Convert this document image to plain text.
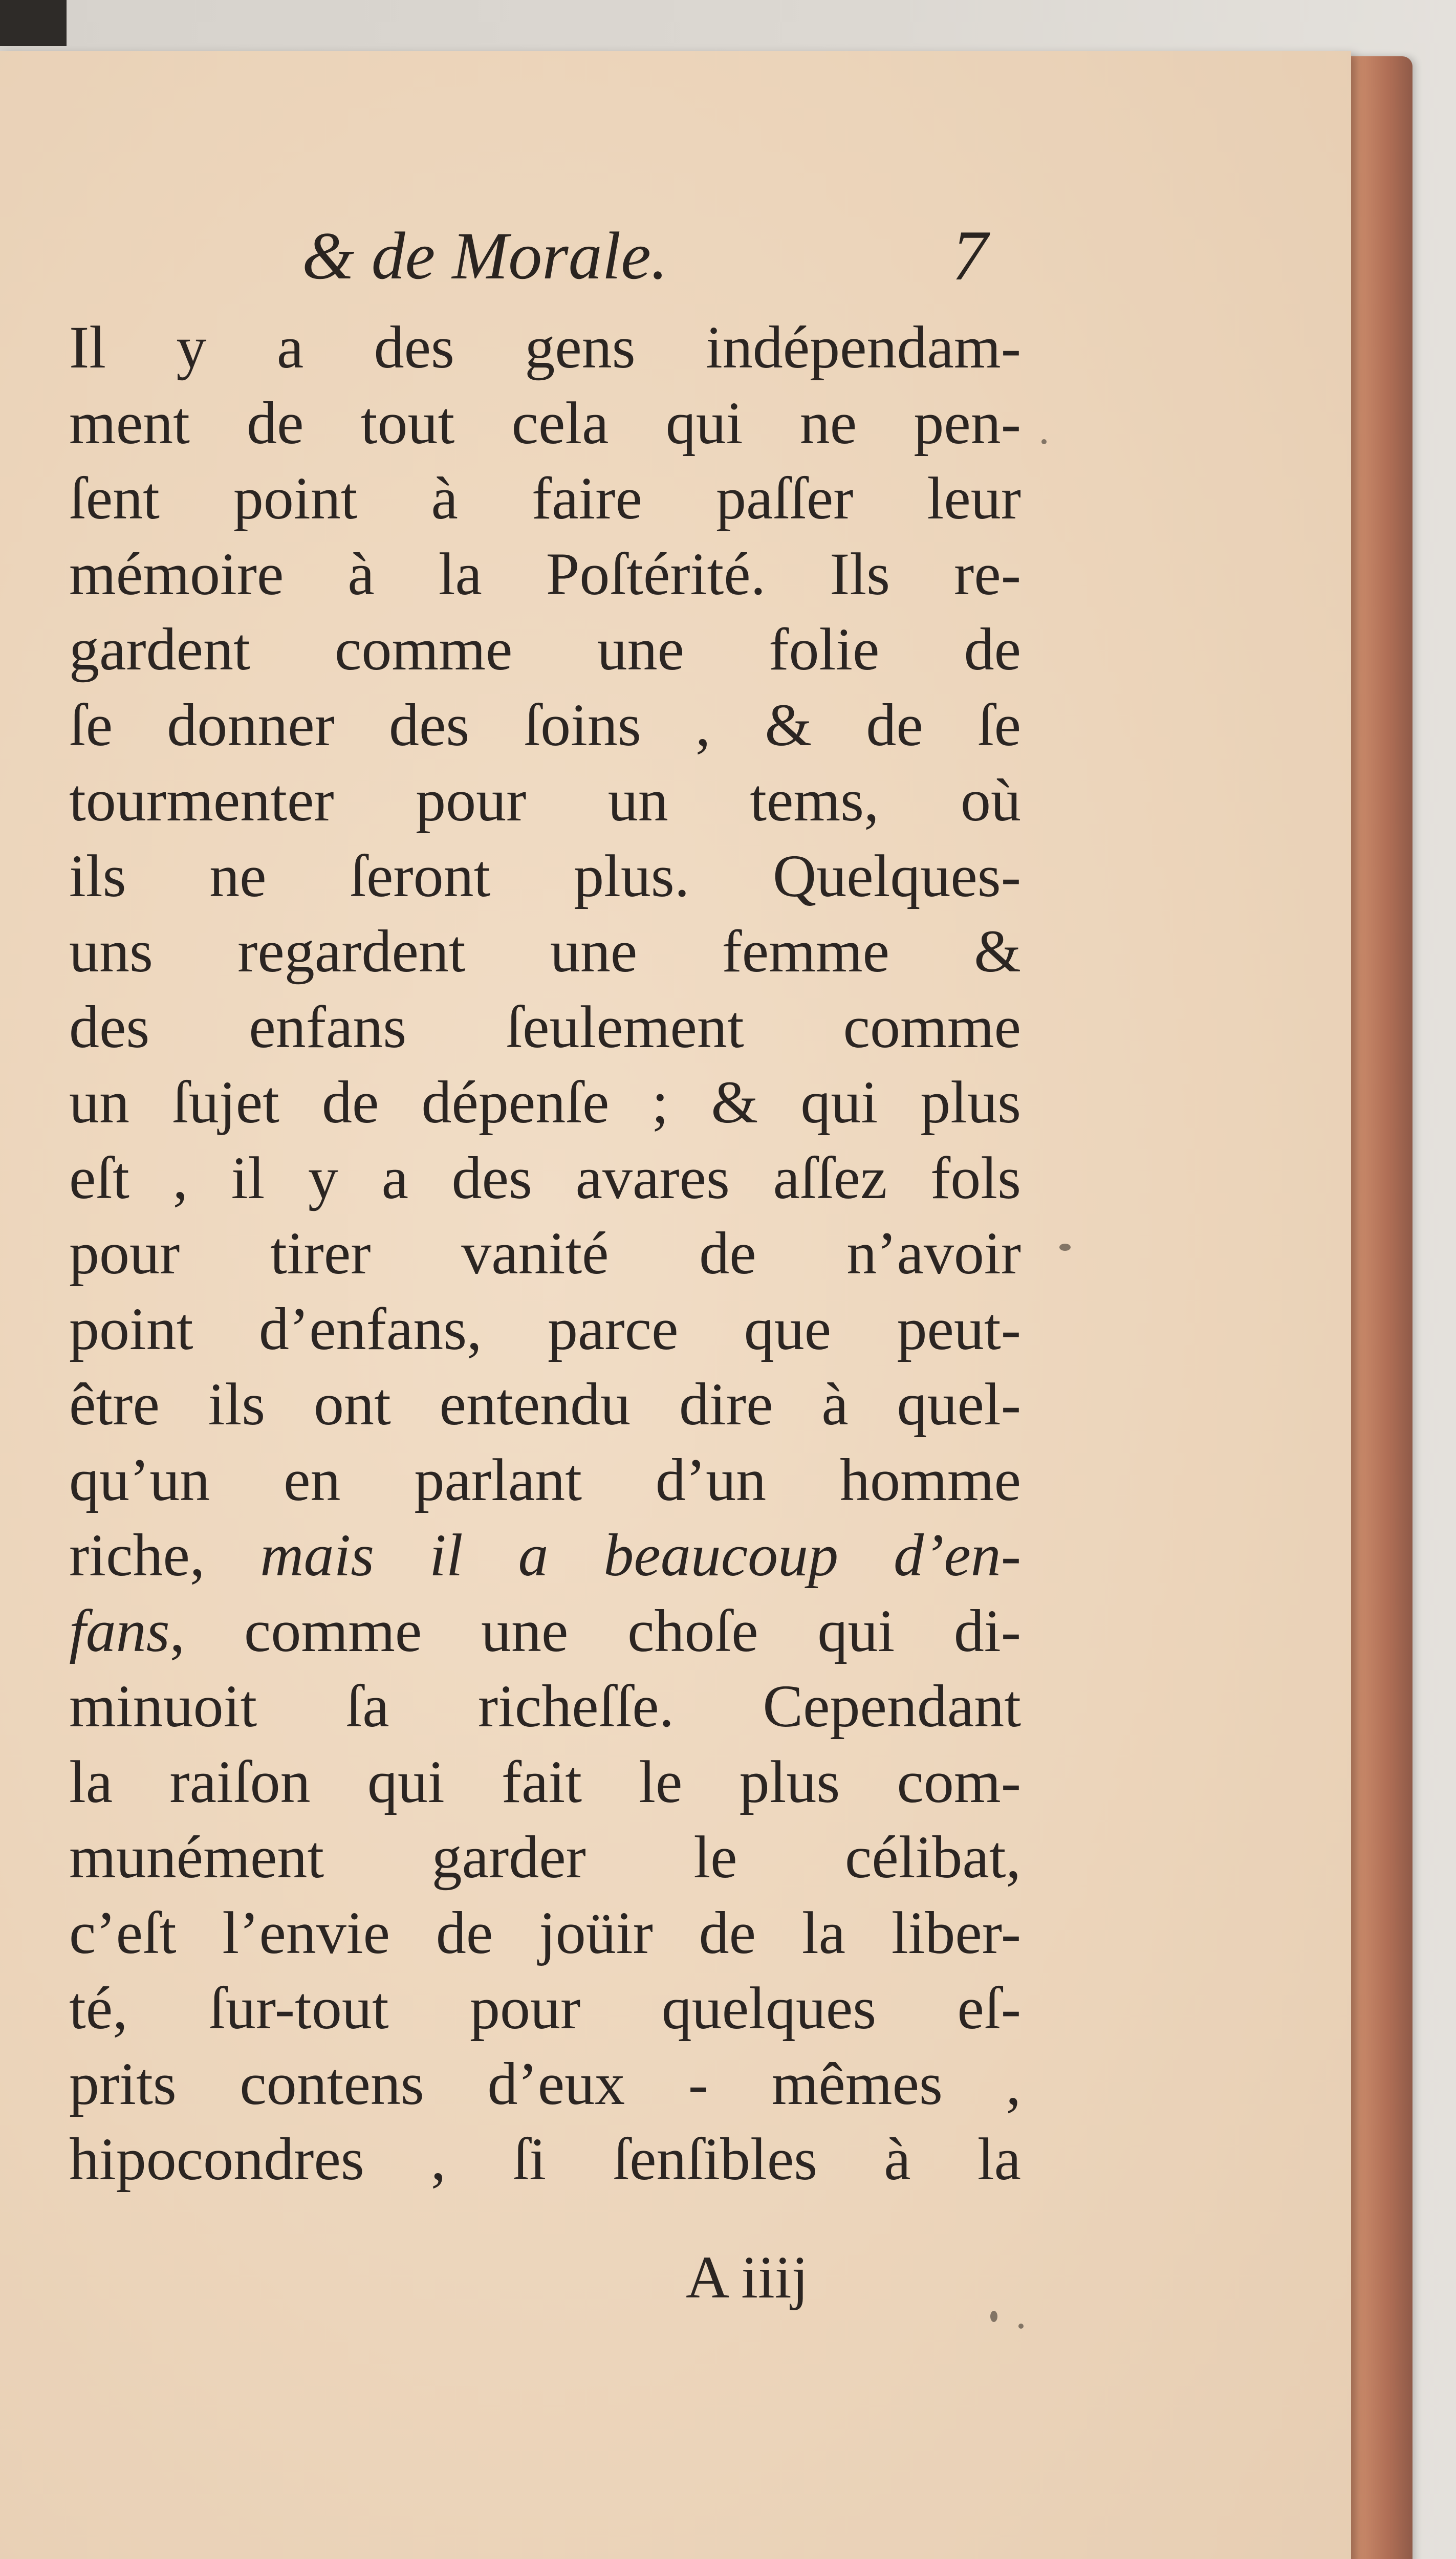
& de Morale.	7
Il y a des gens indépendam-
ment de tout cela qui ne pen-
ſent point à faire paſſer leur
mémoire à la Poſtérité. Ils re-
gardent comme une folie de
ſe donner des ſoins , & de ſe
tourmenter pour un tems, où
ils ne ſeront plus. Quelques-
uns regardent une femme &
des enfans ſeulement comme
un ſujet de dépenſe ; & qui plus
eſt , il y a des avares aſſez fols
pour tirer vanité de n’avoir
point d’enfans, parce que peut-
être ils ont entendu dire à quel-
qu’un en parlant d’un homme
riche, mais il a beaucoup d’en-
fans, comme une choſe qui di-
minuoit ſa richeſſe. Cependant
la raiſon qui fait le plus com-
munément garder le célibat,
c’eſt l’envie de joüir de la liber-
té, ſur-tout pour quelques eſ-
prits contens d’eux - mêmes ,
hipocondres , ſi ſenſibles à la
A iiij
